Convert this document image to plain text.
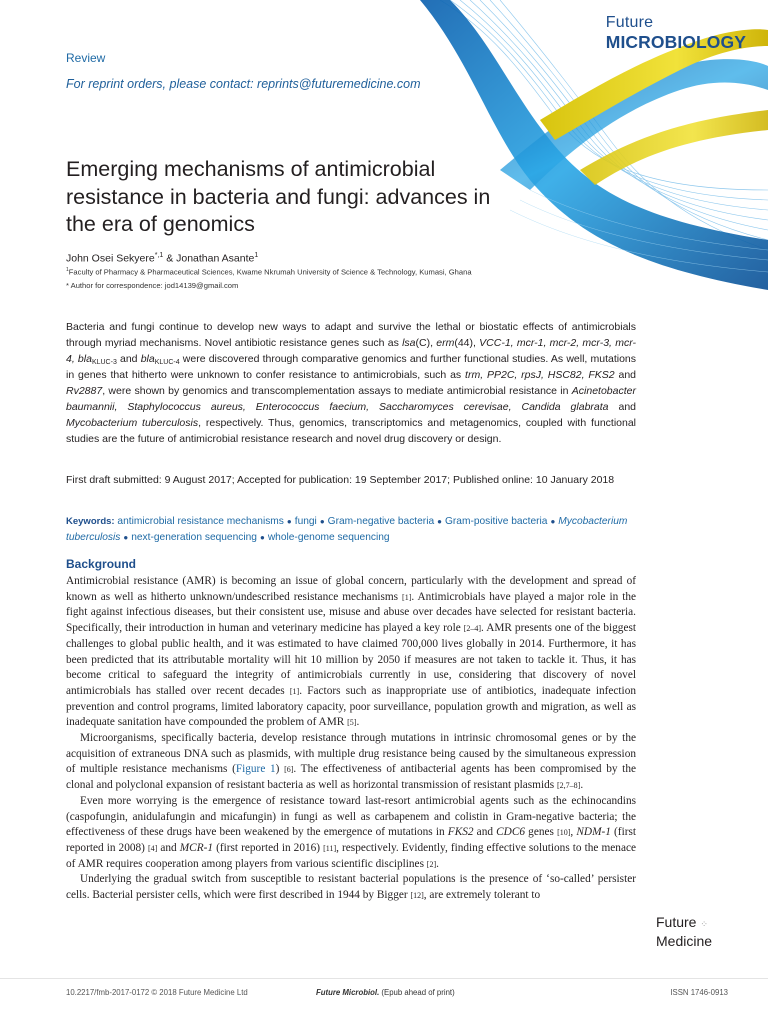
Review
For reprint orders, please contact: reprints@futuremedicine.com
Future
MICROBIOLOGY
Emerging mechanisms of antimicrobial
resistance in bacteria and fungi: advances in
the era of genomics
John Osei Sekyere$^{*,1}$ & Jonathan Asante$^1$
$^1$Faculty of Pharmacy & Pharmaceutical Sciences, Kwame Nkrumah University of Science & Technology, Kumasi, Ghana
* Author for correspondence: jod14139@gmail.com

Bacteria and fungi continue to develop new ways to adapt and survive the lethal or biostatic effects of antimicrobials through myriad mechanisms. Novel antibiotic resistance genes such as lsa(C), erm(44), VCC-1, mcr-1, mcr-2, mcr-3, mcr-4, bla$_{KLUC-3}$ and bla$_{KLUC-4}$ were discovered through comparative genomics and further functional studies. As well, mutations in genes that hitherto were unknown to confer resistance to antimicrobials, such as trm, PP2C, rpsJ, HSC82, FKS2 and Rv2887, were shown by genomics and transcomplementation assays to mediate antimicrobial resistance in Acinetobacter baumannii, Staphylococcus aureus, Enterococcus faecium, Saccharomyces cerevisae, Candida glabrata and Mycobacterium tuberculosis, respectively. Thus, genomics, transcriptomics and metagenomics, coupled with functional studies are the future of antimicrobial resistance research and novel drug discovery or design.

First draft submitted: 9 August 2017; Accepted for publication: 19 September 2017; Published online: 10 January 2018
Keywords: antimicrobial resistance mechanisms ● fungi ● Gram-negative bacteria ● Gram-positive bacteria ● Mycobacterium tuberculosis ● next-generation sequencing ● whole-genome sequencing
Background

Antimicrobial resistance (AMR) is becoming an issue of global concern, particularly with the development and spread of known as well as hitherto unknown/undescribed resistance mechanisms [1]. Antimicrobials have played a major role in the fight against infectious diseases, but their consistent use, misuse and abuse over decades have selected for resistant bacteria. Specifically, their introduction in human and veterinary medicine has played a key role [2–4]. AMR presents one of the biggest challenges to global public health, and it was estimated to have claimed 700,000 lives globally in 2014. Furthermore, it has been predicted that its attributable mortality will hit 10 million by 2050 if measures are not taken to tackle it. Thus, it has become critical to safeguard the integrity of antimicrobials currently in use, considering that discovery of novel antimicrobials has stalled over recent decades [1]. Factors such as inappropriate use of antibiotics, inadequate infection prevention and control programs, limited laboratory capacity, poor surveillance, population growth and migration, as well as inadequate sanitation have compounded the problem of AMR [5].

Microorganisms, specifically bacteria, develop resistance through mutations in intrinsic chromosomal genes or by the acquisition of extraneous DNA such as plasmids, with multiple drug resistance being caused by the simultaneous expression of multiple resistance mechanisms (Figure 1) [6]. The effectiveness of antibacterial agents has been compromised by the clonal and polyclonal expansion of resistant bacteria as well as horizontal transmission of resistant plasmids [2,7–8].

Even more worrying is the emergence of resistance toward last-resort antimicrobial agents such as the echinocandins (caspofungin, anidulafungin and micafungin) in fungi as well as carbapenem and colistin in Gram-negative bacteria; the effectiveness of these drugs have been weakened by the emergence of mutations in FKS2 and CDC6 genes [10], NDM-1 (first reported in 2008) [4] and MCR-1 (first reported in 2016) [11], respectively. Evidently, finding effective solutions to the menace of AMR requires cooperation among players from various scientific disciplines [2].

Underlying the gradual switch from susceptible to resistant bacterial populations is the presence of ‘so-called’ persister cells. Bacterial persister cells, which were first described in 1944 by Bigger [12], are extremely tolerant to

Future ⁘
Medicine
10.2217/fmb-2017-0172 © 2018 Future Medicine Ltd	Future Microbiol. (Epub ahead of print)	ISSN 1746-0913
